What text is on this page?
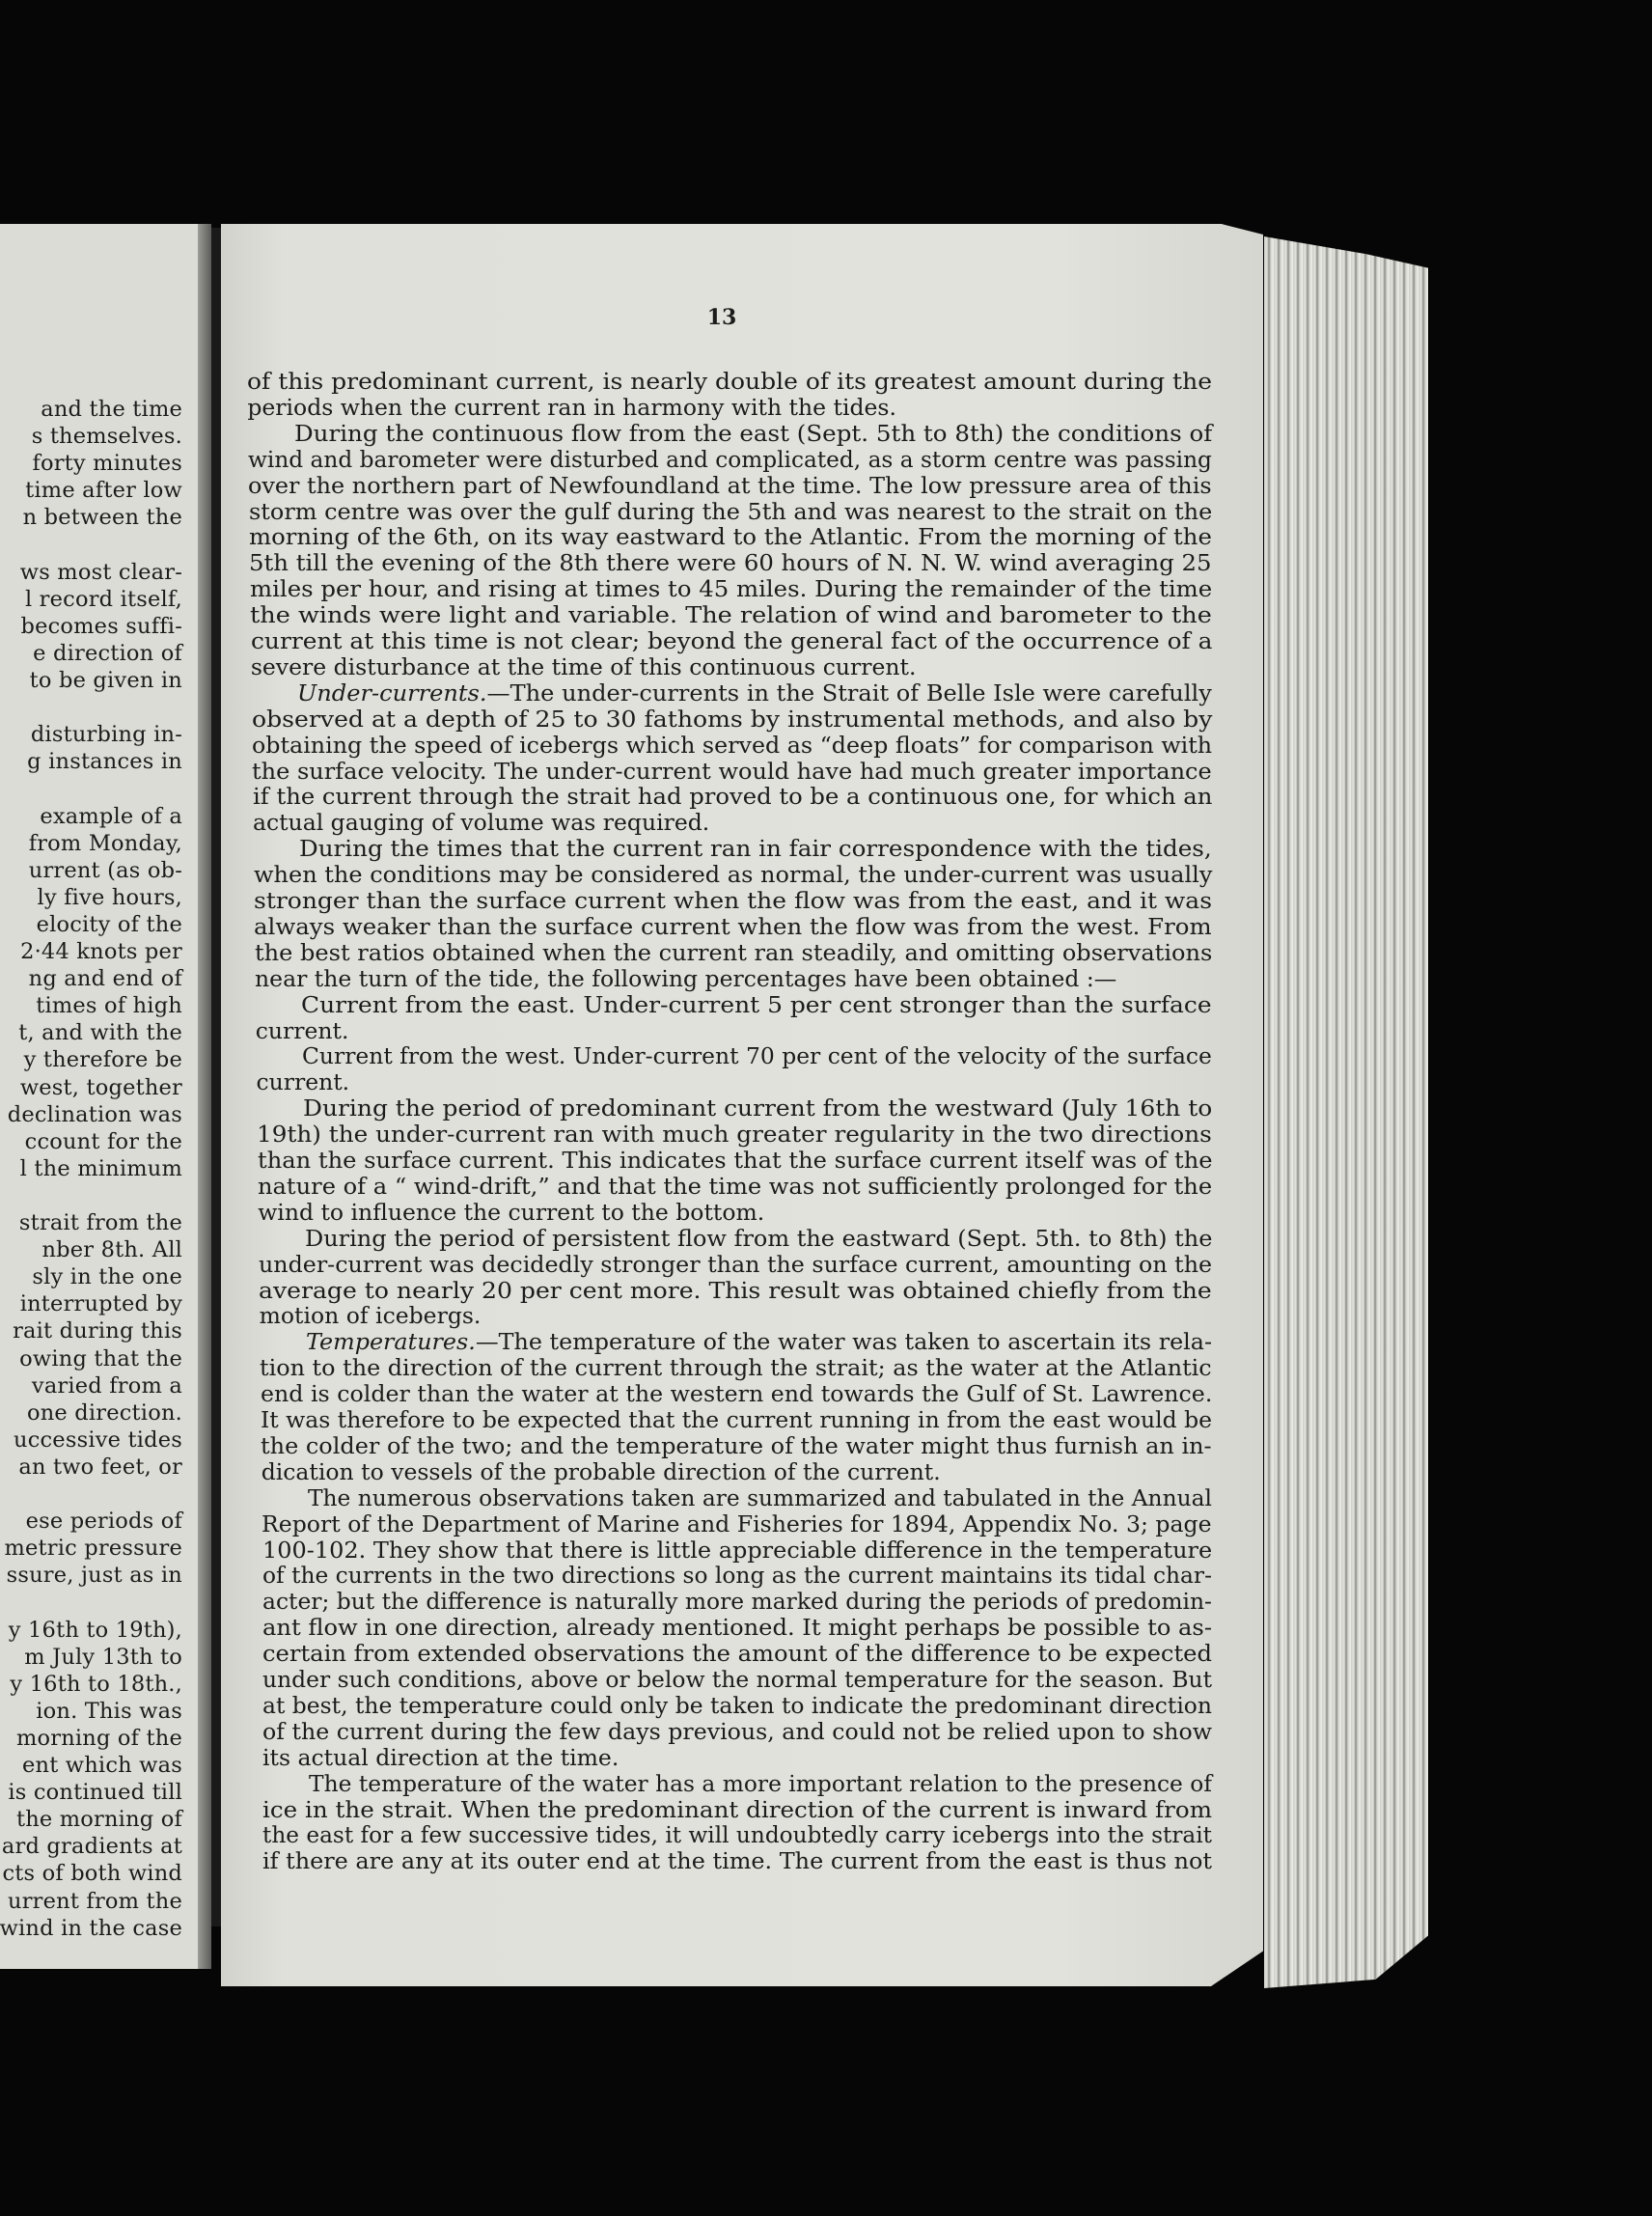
and the time
s themselves.
forty minutes
time after low
n between the
ws most clear-
l record itself,
becomes suffi-
e direction of
to be given in
disturbing in-
g instances in
example of a
from Monday,
urrent (as ob-
ly five hours,
elocity of the
2·44 knots per
ng and end of
times of high
t, and with the
y therefore be
west, together
declination was
ccount for the
l the minimum
strait from the
nber 8th. All
sly in the one
interrupted by
rait during this
owing that the
varied from a
one direction.
uccessive tides
an two feet, or
ese periods of
metric pressure
ssure, just as in
y 16th to 19th),
m July 13th to
y 16th to 18th.,
ion. This was
morning of the
ent which was
is continued till
the morning of
ard gradients at
cts of both wind
urrent from the
wind in the case
13
of this predominant current, is nearly double of its greatest amount during the
periods when the current ran in harmony with the tides.
During the continuous flow from the east (Sept. 5th to 8th) the conditions of
wind and barometer were disturbed and complicated, as a storm centre was passing
over the northern part of Newfoundland at the time. The low pressure area of this
storm centre was over the gulf during the 5th and was nearest to the strait on the
morning of the 6th, on its way eastward to the Atlantic. From the morning of the
5th till the evening of the 8th there were 60 hours of N. N. W. wind averaging 25
miles per hour, and rising at times to 45 miles. During the remainder of the time
the winds were light and variable. The relation of wind and barometer to the
current at this time is not clear; beyond the general fact of the occurrence of a
severe disturbance at the time of this continuous current.
Under-currents.—The under-currents in the Strait of Belle Isle were carefully
observed at a depth of 25 to 30 fathoms by instrumental methods, and also by
obtaining the speed of icebergs which served as “deep floats” for comparison with
the surface velocity. The under-current would have had much greater importance
if the current through the strait had proved to be a continuous one, for which an
actual gauging of volume was required.
During the times that the current ran in fair correspondence with the tides,
when the conditions may be considered as normal, the under-current was usually
stronger than the surface current when the flow was from the east, and it was
always weaker than the surface current when the flow was from the west. From
the best ratios obtained when the current ran steadily, and omitting observations
near the turn of the tide, the following percentages have been obtained :—
Current from the east. Under-current 5 per cent stronger than the surface
current.
Current from the west. Under-current 70 per cent of the velocity of the surface
current.
During the period of predominant current from the westward (July 16th to
19th) the under-current ran with much greater regularity in the two directions
than the surface current. This indicates that the surface current itself was of the
nature of a “ wind-drift,” and that the time was not sufficiently prolonged for the
wind to influence the current to the bottom.
During the period of persistent flow from the eastward (Sept. 5th. to 8th) the
under-current was decidedly stronger than the surface current, amounting on the
average to nearly 20 per cent more. This result was obtained chiefly from the
motion of icebergs.
Temperatures.—The temperature of the water was taken to ascertain its rela-
tion to the direction of the current through the strait; as the water at the Atlantic
end is colder than the water at the western end towards the Gulf of St. Lawrence.
It was therefore to be expected that the current running in from the east would be
the colder of the two; and the temperature of the water might thus furnish an in-
dication to vessels of the probable direction of the current.
The numerous observations taken are summarized and tabulated in the Annual
Report of the Department of Marine and Fisheries for 1894, Appendix No. 3; page
100-102. They show that there is little appreciable difference in the temperature
of the currents in the two directions so long as the current maintains its tidal char-
acter; but the difference is naturally more marked during the periods of predomin-
ant flow in one direction, already mentioned. It might perhaps be possible to as-
certain from extended observations the amount of the difference to be expected
under such conditions, above or below the normal temperature for the season. But
at best, the temperature could only be taken to indicate the predominant direction
of the current during the few days previous, and could not be relied upon to show
its actual direction at the time.
The temperature of the water has a more important relation to the presence of
ice in the strait. When the predominant direction of the current is inward from
the east for a few successive tides, it will undoubtedly carry icebergs into the strait
if there are any at its outer end at the time. The current from the east is thus not
